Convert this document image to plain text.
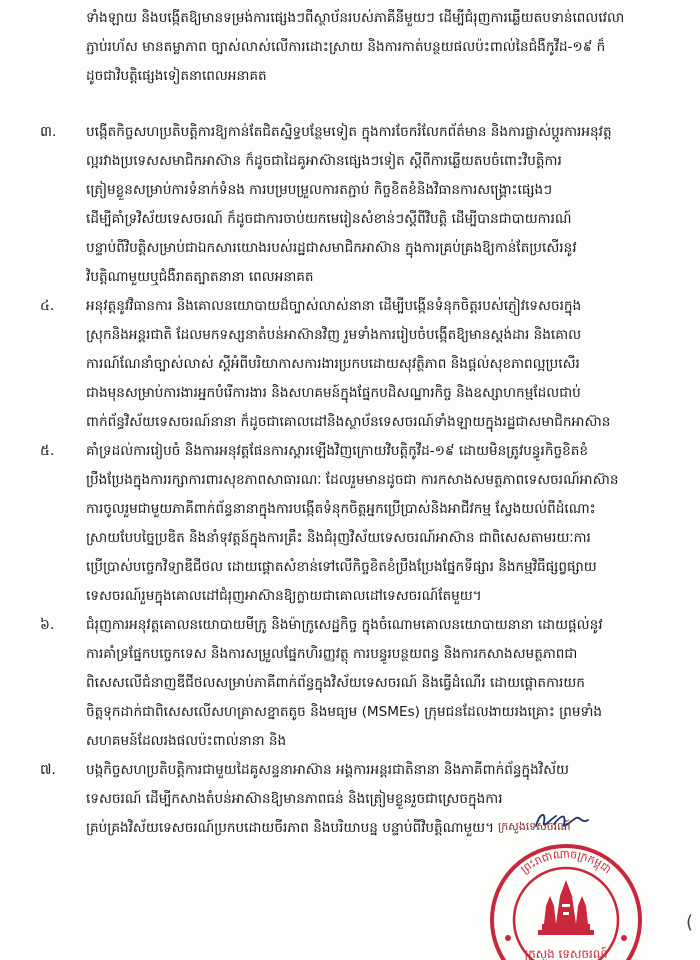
ទាំងឡាយ និងបង្កើតឱ្យមានទម្រង់ការផ្សេងៗពីស្ថាប័នរបស់ភាគីនីមួយៗ ដើម្បីជំរុញការឆ្លើយតបទាន់ពេលវេលា
ភ្ជាប់រហ័ស មានតម្លាភាព ច្បាស់លាស់លើការដោះស្រាយ និងការកាត់បន្ថយផលប៉ះពាល់នៃជំងឺកូវីដ-១៩ ក៏
ដូចជាវិបត្តិផ្សេងទៀតនាពេលអនាគត
៣.	បង្កើតកិច្ចសហប្រតិបត្តិការឱ្យកាន់តែជិតស្និទ្ធបន្ថែមទៀត ក្នុងការចែករំលែកព័ត៌មាន និងការផ្លាស់ប្តូរការអនុវត្ត
ល្អរវាងប្រទេសសមាជិកអាស៊ាន ក៏ដូចជាដៃគូអាស៊ានផ្សេងៗទៀត ស្តីពីការឆ្លើយតបចំពោះវិបត្តិការ
ត្រៀមខ្លួនសម្រាប់ការទំនាក់ទំនង ការបម្របម្រួលការតភ្ជាប់ កិច្ចខិតខំនិងវិធានការសង្គ្រោះផ្សេងៗ
ដើម្បីគាំទ្រវិស័យទេសចរណ៍ ក៏ដូចជាការចាប់យកមេរៀនសំខាន់ៗស្តីពីវិបត្តិ ដើម្បីបានជាបាយការណ៍
បន្ទាប់ពីវិបត្តិសម្រាប់ជាឯកសារយោងរបស់រដ្ឋជាសមាជិកអាស៊ាន ក្នុងការគ្រប់គ្រងឱ្យកាន់តែប្រសើរនូវ
វិបត្តិណាមួយឬជំងឺរាតត្បាតនានា ពេលអនាគត
៤.	អនុវត្តនូវវិធានការ និងគោលនយោបាយដ៏ច្បាស់លាស់នានា ដើម្បីបង្កើនទំនុកចិត្តរបស់ភ្ញៀវទេសចរក្នុង
ស្រុកនិងអន្តរជាតិ ដែលមកទស្សនាតំបន់អាស៊ានវិញ រួមទាំងការរៀបចំបង្កើតឱ្យមានស្តង់ដារ និងគោល
ការណ៍ណែនាំច្បាស់លាស់ ស្តីអំពីបរិយាកាសការងារប្រកបដោយសុវត្ថិភាព និងផ្តល់សុខភាពល្អប្រសើរ
ជាងមុនសម្រាប់ការងារអ្នកបំរើការងារ និងសហគមន៍ក្នុងផ្នែកបដិសណ្ឋារកិច្ច និងឧស្សាហកម្មដែលជាប់
ពាក់ព័ន្ធវិស័យទេសចរណ៍នានា ក៏ដូចជាគោលដៅនិងស្ថាប័នទេសចរណ៍ទាំងឡាយក្នុងរដ្ឋជាសមាជិកអាស៊ាន
៥.	គាំទ្រដល់ការរៀបចំ និងការអនុវត្តផែនការស្តារឡើងវិញក្រោយវិបត្តិកូវីដ-១៩ ដោយមិនត្រូវបន្ធូរកិច្ចខិតខំ
ប្រឹងប្រែងក្នុងការរក្សាការពារសុខភាពសាធារណៈ ដែលរួមមានដូចជា ការកសាងសមត្ថភាពទេសចរណ៍អាស៊ាន
ការចូលរួមជាមួយភាគីពាក់ព័ន្ធនានាក្នុងការបង្កើតទំនុកចិត្តអ្នកប្រើប្រាស់និងអាជីវកម្ម ស្វែងយល់ពីដំណោះ
ស្រាយបែបច្នៃប្រឌិត និងនាំទុវត្តន៍ក្នុងការគ្រឹះ និងជំរុញវិស័យទេសចរណ៍អាស៊ាន ជាពិសេសតាមរយៈការ
ប្រើប្រាស់បច្ចេកវិទ្យាឌីជីថល ដោយផ្តោតសំខាន់ទៅលើកិច្ចខិតខំប្រឹងប្រែងផ្នែកទីផ្សារ និងកម្មវិធីផ្សព្វផ្សាយ
ទេសចរណ៍រួមក្នុងគោលដៅជំរុញអាស៊ានឱ្យក្លាយជាគោលដៅទេសចរណ៍តែមួយ។
៦.	ជំរុញការអនុវត្តគោលនយោបាយមីក្រូ និងម៉ាក្រូសេដ្ឋកិច្ច ក្នុងចំណោមគោលនយោបាយនានា ដោយផ្តល់នូវ
ការគាំទ្រផ្នែកបច្ចេកទេស និងការសម្រួលផ្នែកហិរញ្ញវត្ថុ ការបន្ធូរបន្ថយពន្ធ និងការកសាងសមត្ថភាពជា
ពិសេសលើជំនាញឌីជីថលសម្រាប់ភាគីពាក់ព័ន្ធក្នុងវិស័យទេសចរណ៍ និងធ្វើដំណើរ ដោយផ្តោតការយក
ចិត្តទុកដាក់ជាពិសេសលើសហគ្រាសខ្នាតតូច និងមធ្យម (MSMEs) ក្រុមជនដែលងាយរងគ្រោះ ព្រមទាំង
សហគមន៍ដែលរងផលប៉ះពាល់នានា និង
៧.	បង្កកិច្ចសហប្រតិបត្តិការជាមួយដៃគូសន្ទនាអាស៊ាន អង្គការអន្តរជាតិនានា និងភាគីពាក់ព័ន្ធក្នុងវិស័យ
ទេសចរណ៍ ដើម្បីកសាងតំបន់អាស៊ានឱ្យមានភាពធន់ និងត្រៀមខ្លួនរួចជាស្រេចក្នុងការ
គ្រប់គ្រងវិស័យទេសចរណ៍ប្រកបដោយចីរភាព និងបរិយាបន្ន បន្ទាប់ពីវិបត្តិណាមួយ។ ក្រសួងទេសចរណ៍
ព្រះរាជាណាចក្រកម្ពុជា
ក្រសួង ទេសចរណ៍
(
